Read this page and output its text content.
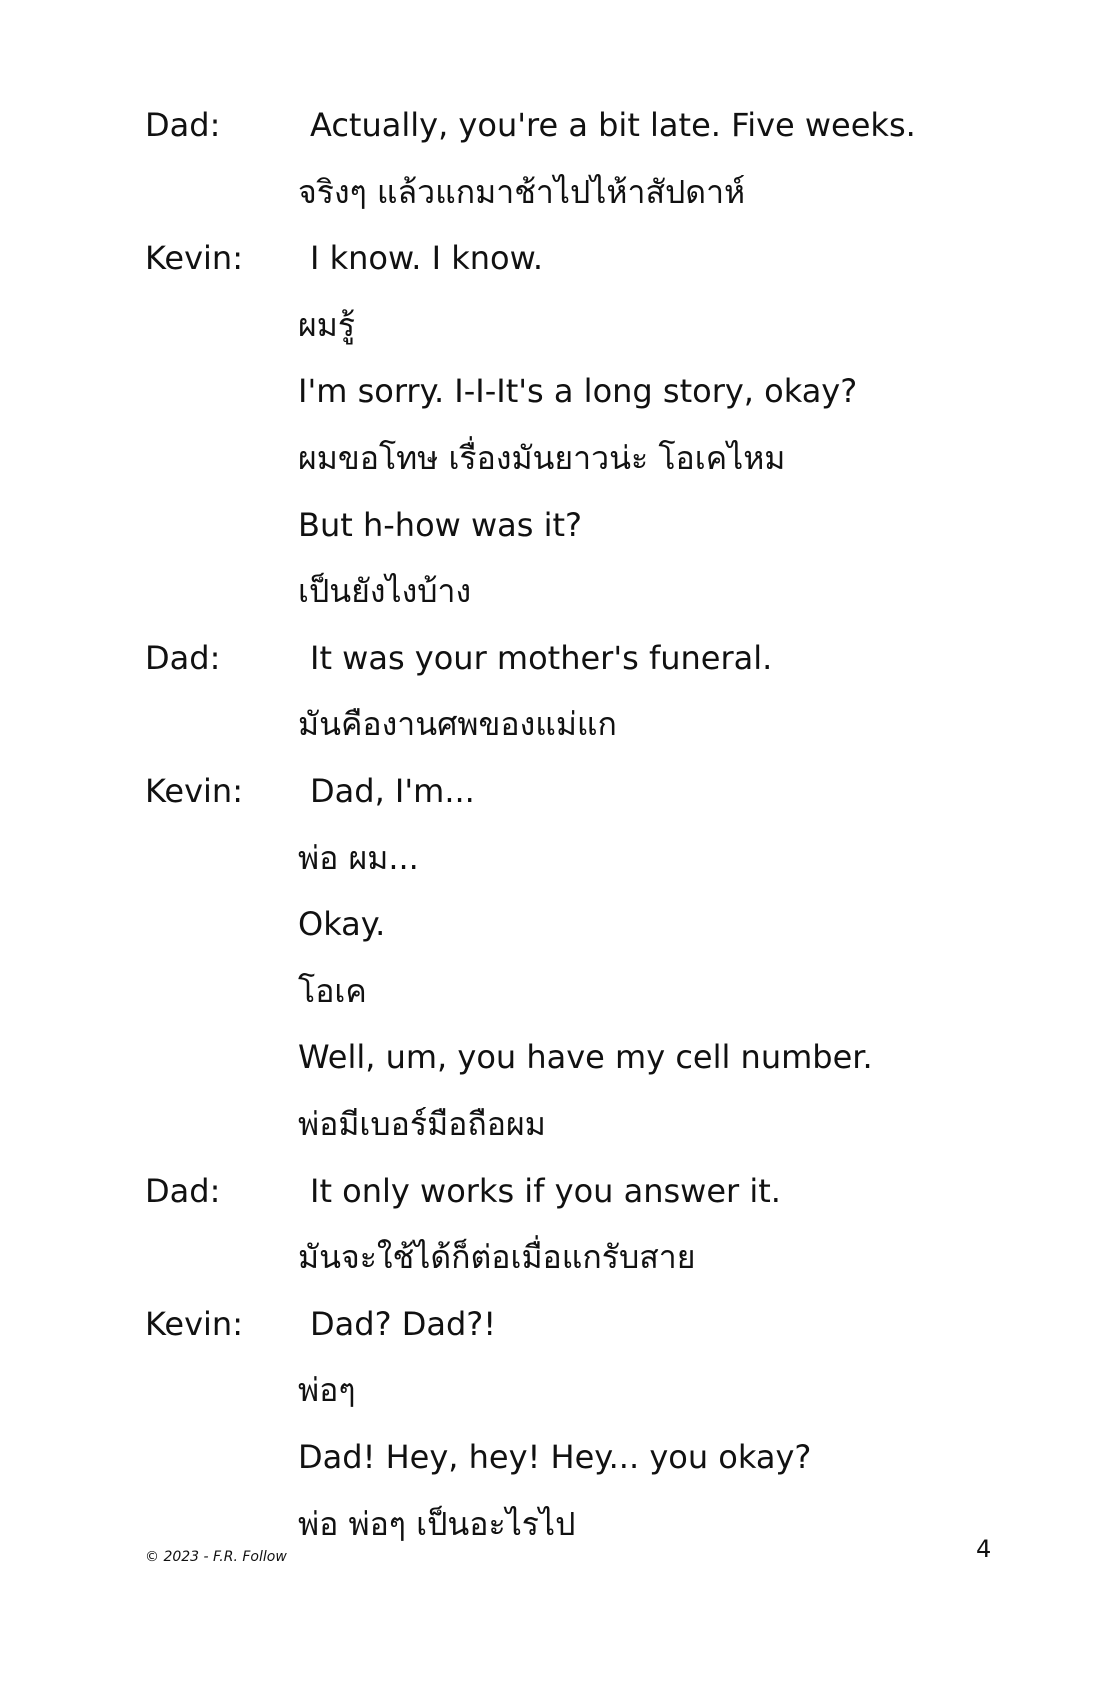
Dad:	Actually, you're a bit late. Five weeks.
จริงๆ แล้วแกมาช้าไปไห้าสัปดาห์
Kevin: I know. I know.
ผมรู้
I'm sorry. I-I-It's a long story, okay?
ผมขอโทษ เรื่องมันยาวน่ะ โอเคไหม
But h-how was it?
เป็นยังไงบ้าง
Dad:	It was your mother's funeral.
มันคืองานศพของแม่แก
Kevin: Dad, I'm...
พ่อ ผม...
Okay.
โอเค
Well, um, you have my cell number.
พ่อมีเบอร์มือถือผม
Dad:	It only works if you answer it.
มันจะใช้ได้ก็ต่อเมื่อแกรับสาย
Kevin: Dad? Dad?!
พ่อๆ
Dad! Hey, hey! Hey... you okay?
พ่อ พ่อๆ เป็นอะไรไป
© 2023 - F.R. Follow	4
